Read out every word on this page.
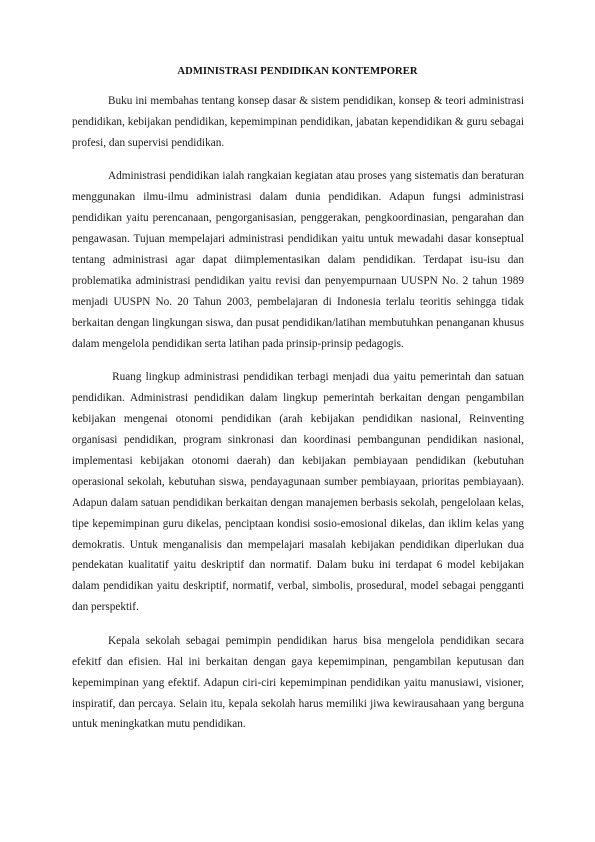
ADMINISTRASI PENDIDIKAN KONTEMPORER

Buku ini membahas tentang konsep dasar & sistem pendidikan, konsep & teori administrasi pendidikan, kebijakan pendidikan, kepemimpinan pendidikan, jabatan kependidikan & guru sebagai profesi, dan supervisi pendidikan.

Administrasi pendidikan ialah rangkaian kegiatan atau proses yang sistematis dan beraturan menggunakan ilmu-ilmu administrasi dalam dunia pendidikan. Adapun fungsi administrasi pendidikan yaitu perencanaan, pengorganisasian, penggerakan, pengkoordinasian, pengarahan dan pengawasan. Tujuan mempelajari administrasi pendidikan yaitu untuk mewadahi dasar konseptual tentang administrasi agar dapat diimplementasikan dalam pendidikan. Terdapat isu-isu dan problematika administrasi pendidikan yaitu revisi dan penyempurnaan UUSPN No. 2 tahun 1989 menjadi UUSPN No. 20 Tahun 2003, pembelajaran di Indonesia terlalu teoritis sehingga tidak berkaitan dengan lingkungan siswa, dan pusat pendidikan/latihan membutuhkan penanganan khusus dalam mengelola pendidikan serta latihan pada prinsip-prinsip pedagogis.

Ruang lingkup administrasi pendidikan terbagi menjadi dua yaitu pemerintah dan satuan pendidikan. Administrasi pendidikan dalam lingkup pemerintah berkaitan dengan pengambilan kebijakan mengenai otonomi pendidikan (arah kebijakan pendidikan nasional, Reinventing organisasi pendidikan, program sinkronasi dan koordinasi pembangunan pendidikan nasional, implementasi kebijakan otonomi daerah) dan kebijakan pembiayaan pendidikan (kebutuhan operasional sekolah, kebutuhan siswa, pendayagunaan sumber pembiayaan, prioritas pembiayaan). Adapun dalam satuan pendidikan berkaitan dengan manajemen berbasis sekolah, pengelolaan kelas, tipe kepemimpinan guru dikelas, penciptaan kondisi sosio-emosional dikelas, dan iklim kelas yang demokratis. Untuk menganalisis dan mempelajari masalah kebijakan pendidikan diperlukan dua pendekatan kualitatif yaitu deskriptif dan normatif. Dalam buku ini terdapat 6 model kebijakan dalam pendidikan yaitu deskriptif, normatif, verbal, simbolis, prosedural, model sebagai pengganti dan perspektif.

Kepala sekolah sebagai pemimpin pendidikan harus bisa mengelola pendidikan secara efekitf dan efisien. Hal ini berkaitan dengan gaya kepemimpinan, pengambilan keputusan dan kepemimpinan yang efektif. Adapun ciri-ciri kepemimpinan pendidikan yaitu manusiawi, visioner, inspiratif, dan percaya. Selain itu, kepala sekolah harus memiliki jiwa kewirausahaan yang berguna untuk meningkatkan mutu pendidikan.
